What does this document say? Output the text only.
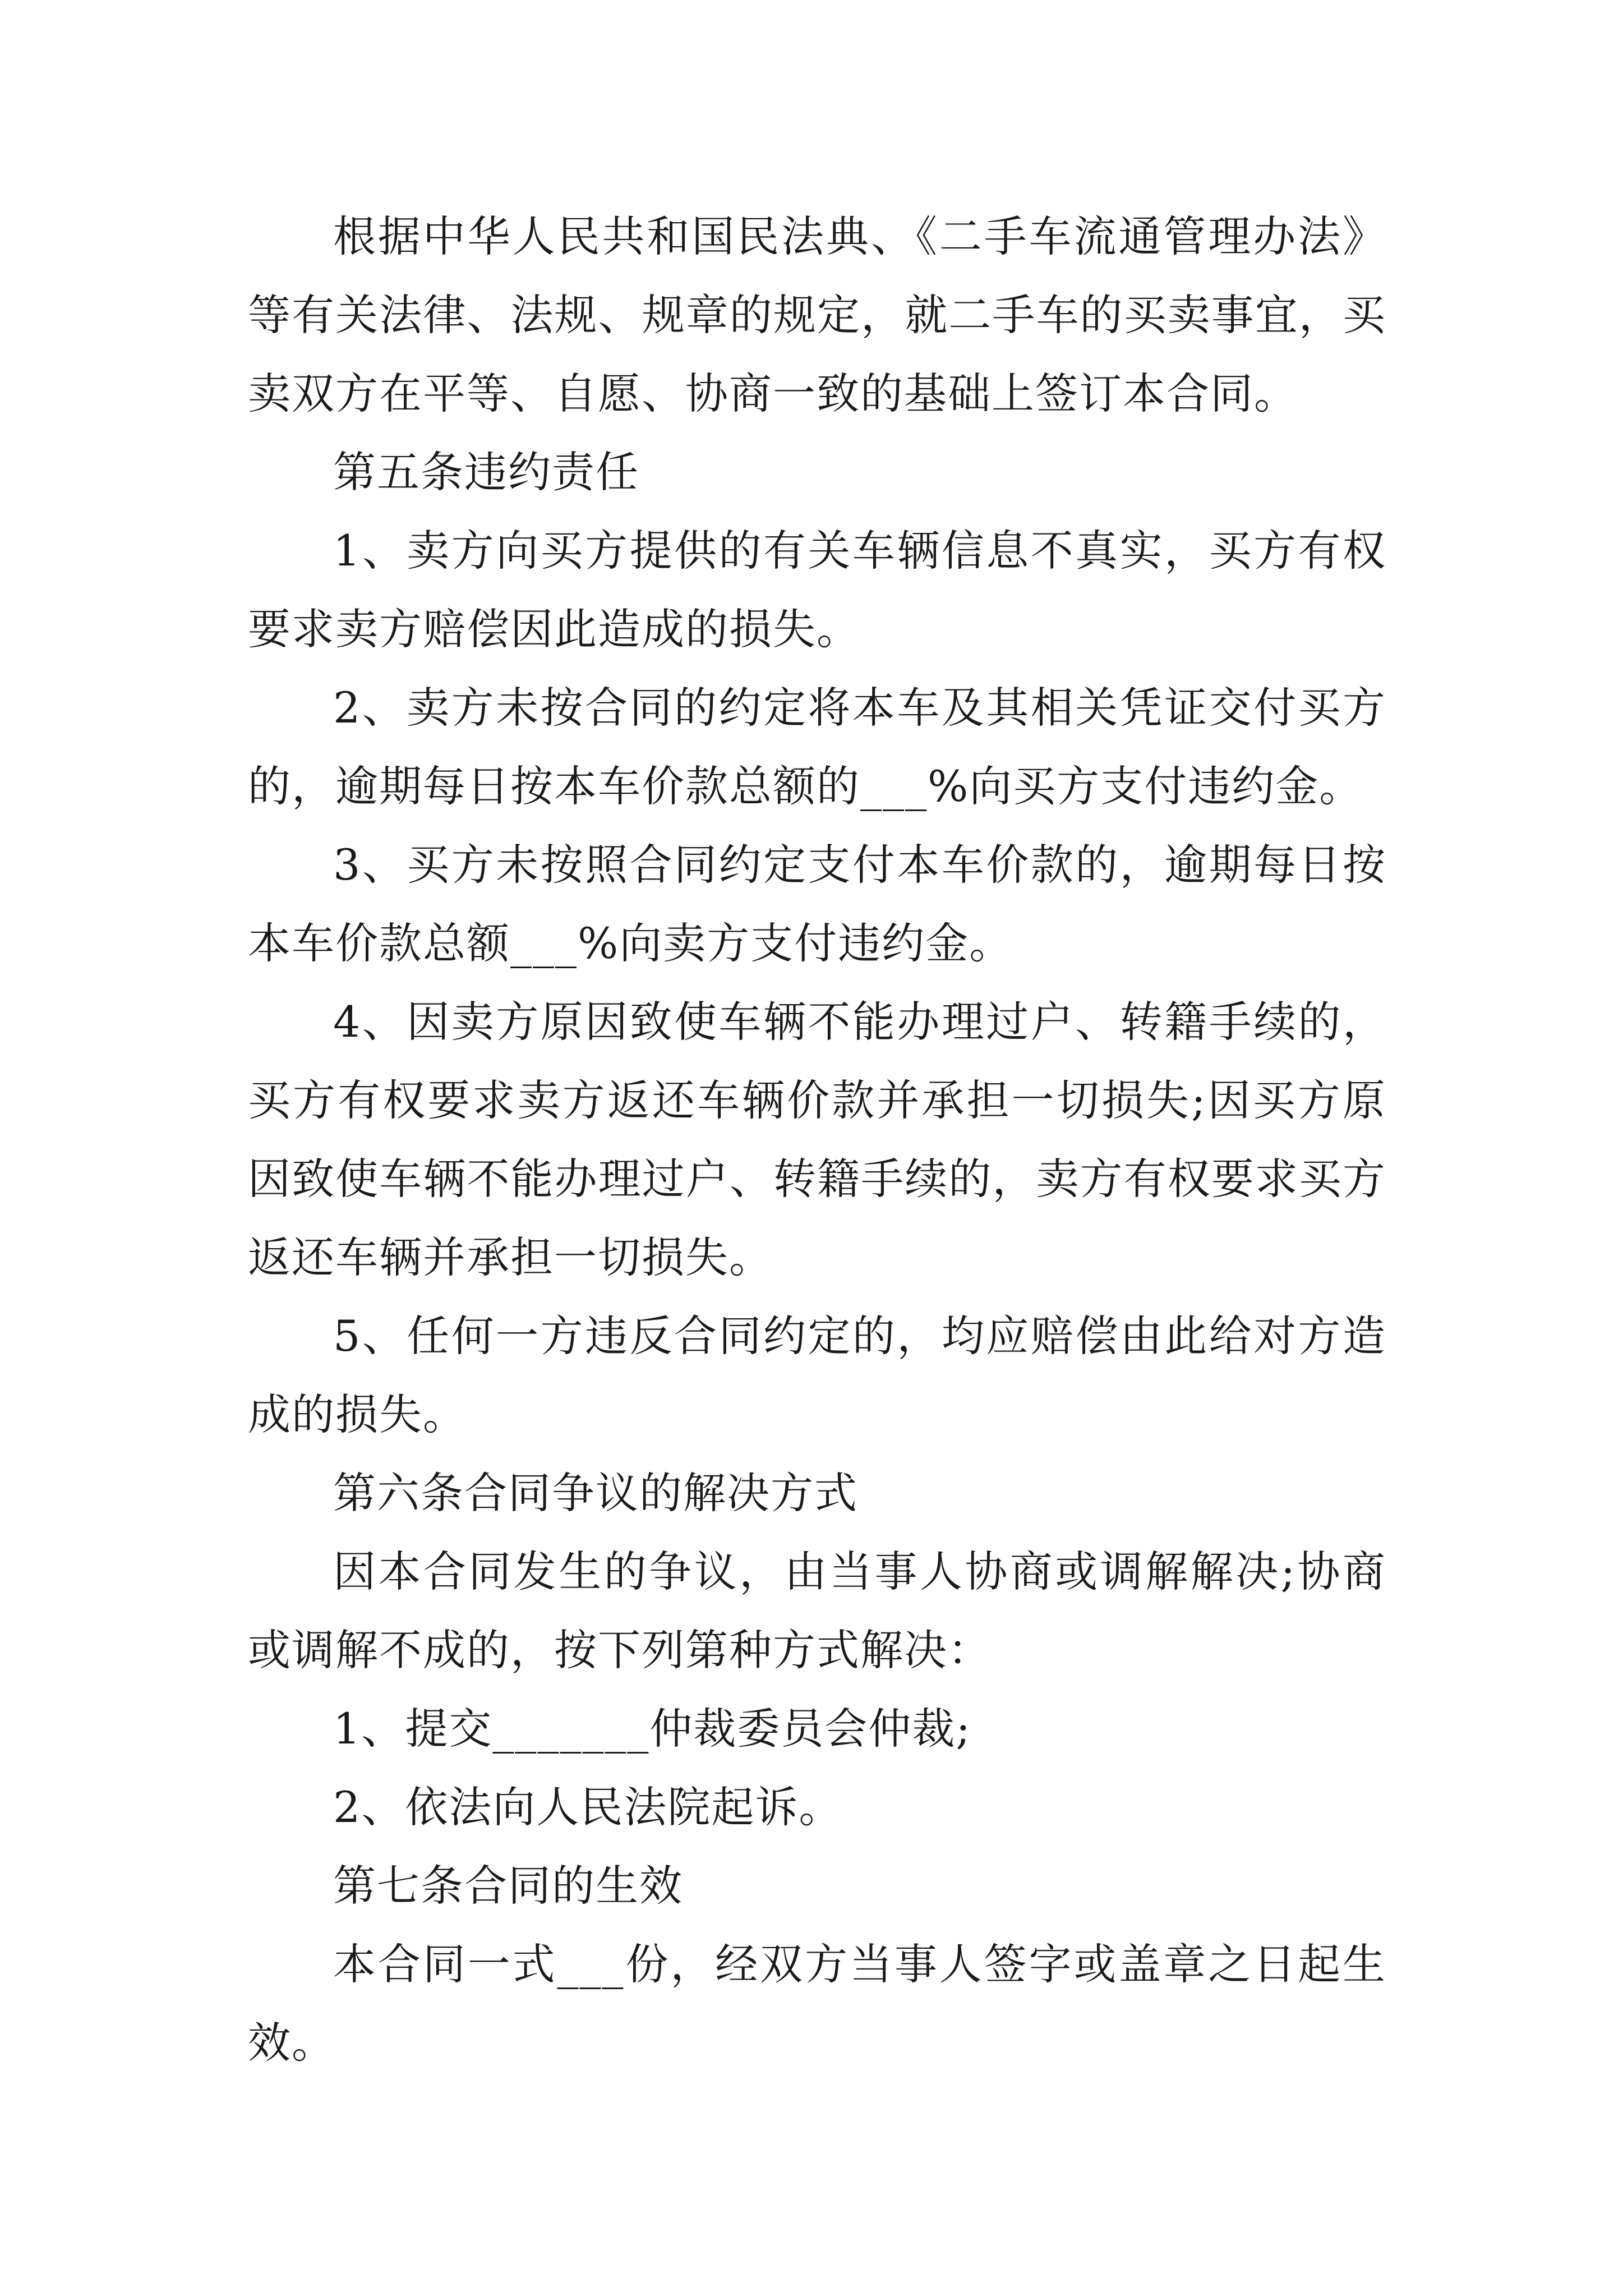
根据中华人民共和国民法典、《二手车流通管理办法》等有关法律、法规、规章的规定，就二手车的买卖事宜，买卖双方在平等、自愿、协商一致的基础上签订本合同。

第五条违约责任

1、卖方向买方提供的有关车辆信息不真实，买方有权要求卖方赔偿因此造成的损失。

2、卖方未按合同的约定将本车及其相关凭证交付买方的，逾期每日按本车价款总额的___%向买方支付违约金。

3、买方未按照合同约定支付本车价款的，逾期每日按本车价款总额___%向卖方支付违约金。

4、因卖方原因致使车辆不能办理过户、转籍手续的，买方有权要求卖方返还车辆价款并承担一切损失;因买方原因致使车辆不能办理过户、转籍手续的，卖方有权要求买方返还车辆并承担一切损失。

5、任何一方违反合同约定的，均应赔偿由此给对方造成的损失。

第六条合同争议的解决方式

因本合同发生的争议，由当事人协商或调解解决;协商或调解不成的，按下列第种方式解决：

1、提交_______仲裁委员会仲裁;

2、依法向人民法院起诉。

第七条合同的生效

本合同一式___份，经双方当事人签字或盖章之日起生效。
